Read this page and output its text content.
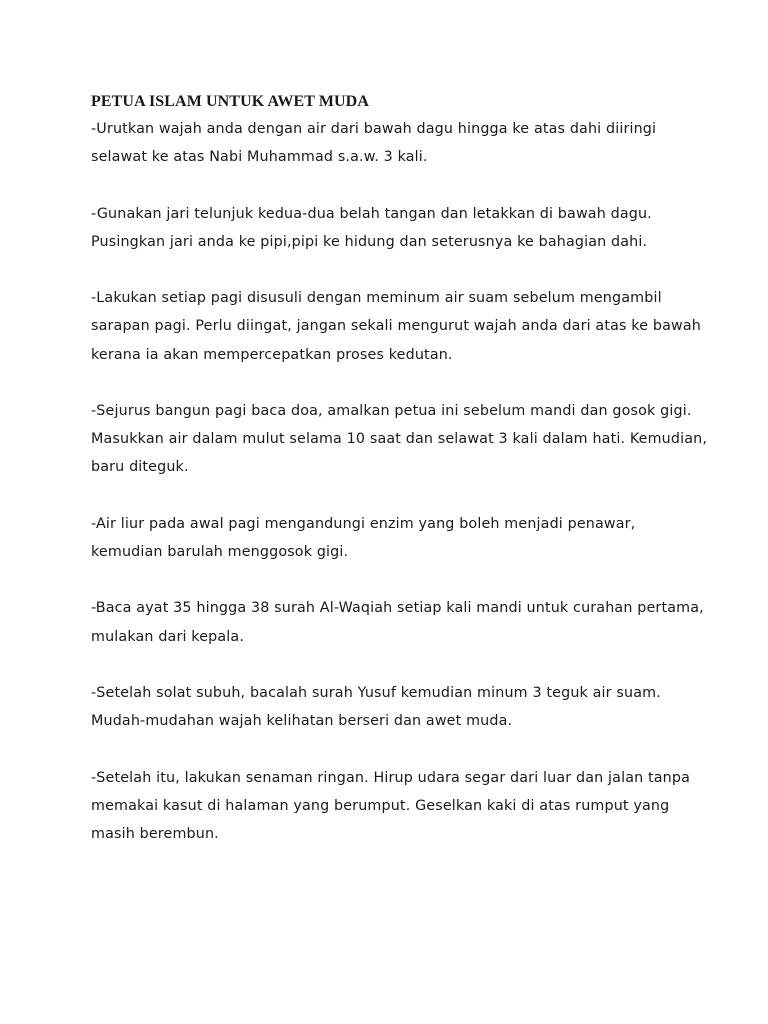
PETUA ISLAM UNTUK AWET MUDA

-Urutkan wajah anda dengan air dari bawah dagu hingga ke atas dahi diiringi selawat ke atas Nabi Muhammad s.a.w. 3 kali.

-Gunakan jari telunjuk kedua-dua belah tangan dan letakkan di bawah dagu. Pusingkan jari anda ke pipi,pipi ke hidung dan seterusnya ke bahagian dahi.

-Lakukan setiap pagi disusuli dengan meminum air suam sebelum mengambil sarapan pagi. Perlu diingat, jangan sekali mengurut wajah anda dari atas ke bawah kerana ia akan mempercepatkan proses kedutan.

-Sejurus bangun pagi baca doa, amalkan petua ini sebelum mandi dan gosok gigi. Masukkan air dalam mulut selama 10 saat dan selawat 3 kali dalam hati. Kemudian, baru diteguk.

-Air liur pada awal pagi mengandungi enzim yang boleh menjadi penawar, kemudian barulah menggosok gigi.

-Baca ayat 35 hingga 38 surah Al-Waqiah setiap kali mandi untuk curahan pertama, mulakan dari kepala.

-Setelah solat subuh, bacalah surah Yusuf kemudian minum 3 teguk air suam. Mudah-mudahan wajah kelihatan berseri dan awet muda.

-Setelah itu, lakukan senaman ringan. Hirup udara segar dari luar dan jalan tanpa memakai kasut di halaman yang berumput. Geselkan kaki di atas rumput yang masih berembun.
